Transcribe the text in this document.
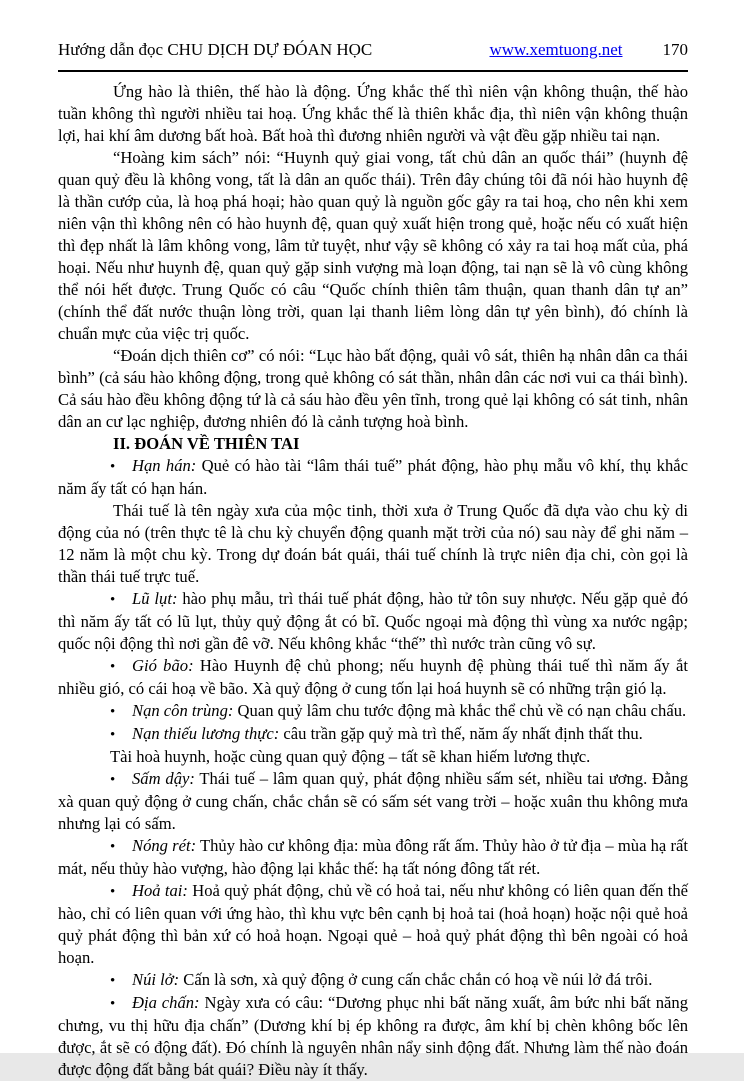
Hướng dẫn đọc CHU DỊCH DỰ ĐÓAN HỌC	www.xemtuong.net 170

Ứng hào là thiên, thế hào là động. Ứng khắc thế thì niên vận không thuận, thế hào tuần không thì người nhiều tai hoạ. Ứng khắc thế là thiên khắc địa, thì niên vận không thuận lợi, hai khí âm dương bất hoà. Bất hoà thì đương nhiên người và vật đều gặp nhiều tai nạn.

“Hoàng kim sách” nói: “Huynh quỷ giai vong, tất chủ dân an quốc thái” (huynh đệ quan quỷ đều là không vong, tất là dân an quốc thái). Trên đây chúng tôi đã nói hào huynh đệ là thần cướp của, là hoạ phá hoại; hào quan quỷ là nguồn gốc gây ra tai hoạ, cho nên khi xem niên vận thì không nên có hào huynh đệ, quan quỷ xuất hiện trong quẻ, hoặc nếu có xuất hiện thì đẹp nhất là lâm không vong, lâm tử tuyệt, như vậy sẽ không có xảy ra tai hoạ mất của, phá hoại. Nếu như huynh đệ, quan quỷ gặp sinh vượng mà loạn động, tai nạn sẽ là vô cùng không thể nói hết được. Trung Quốc có câu “Quốc chính thiên tâm thuận, quan thanh dân tự an” (chính thể đất nước thuận lòng trời, quan lại thanh liêm lòng dân tự yên bình), đó chính là chuẩn mực của việc trị quốc.

“Đoán dịch thiên cơ” có nói: “Lục hào bất động, quải vô sát, thiên hạ nhân dân ca thái bình” (cả sáu hào không động, trong quẻ không có sát thần, nhân dân các nơi vui ca thái bình). Cả sáu hào đều không động tứ là cả sáu hào đều yên tĩnh, trong quẻ lại không có sát tinh, nhân dân an cư lạc nghiệp, đương nhiên đó là cảnh tượng hoà bình.

II. ĐOÁN VỀ THIÊN TAI

• Hạn hán: Quẻ có hào tài “lâm thái tuế” phát động, hào phụ mẫu vô khí, thụ khắc năm ấy tất có hạn hán.

Thái tuế là tên ngày xưa của mộc tinh, thời xưa ở Trung Quốc đã dựa vào chu kỳ di động của nó (trên thực tê là chu kỳ chuyển động quanh mặt trời của nó) sau này để ghi năm – 12 năm là một chu kỳ. Trong dự đoán bát quái, thái tuế chính là trực niên địa chi, còn gọi là thần thái tuế trực tuế.

• Lũ lụt: hào phụ mẫu, trì thái tuế phát động, hào tử tôn suy nhược. Nếu gặp quẻ đó thì năm ấy tất có lũ lụt, thủy quỷ động ắt có bĩ. Quốc ngoại mà động thì vùng xa nước ngập; quốc nội động thì nơi gần đê vỡ. Nếu không khắc “thế” thì nước tràn cũng vô sự.

• Gió bão: Hào Huynh đệ chủ phong; nếu huynh đệ phùng thái tuế thì năm ấy ắt nhiều gió, có cái hoạ về bão. Xà quỷ động ở cung tốn lại hoá huynh sẽ có những trận gió lạ.

• Nạn côn trùng: Quan quỷ lâm chu tước động mà khắc thể chủ về có nạn châu chấu.

• Nạn thiếu lương thực: câu trần gặp quỷ mà trì thế, năm ấy nhất định thất thu.

Tài hoà huynh, hoặc cùng quan quỷ động – tất sẽ khan hiếm lương thực.

• Sấm dậy: Thái tuế – lâm quan quỷ, phát động nhiều sấm sét, nhiều tai ương. Đằng xà quan quỷ động ở cung chấn, chắc chắn sẽ có sấm sét vang trời – hoặc xuân thu không mưa nhưng lại có sấm.

• Nóng rét: Thủy hào cư không địa: mùa đông rất ấm. Thủy hào ở tử địa – mùa hạ rất mát, nếu thủy hào vượng, hào động lại khắc thế: hạ tất nóng đông tất rét.

• Hoả tai: Hoả quỷ phát động, chủ về có hoả tai, nếu như không có liên quan đến thế hào, chỉ có liên quan với ứng hào, thì khu vực bên cạnh bị hoả tai (hoả hoạn) hoặc nội quẻ hoả quỷ phát động thì bản xứ có hoả hoạn. Ngoại quẻ – hoả quỷ phát động thì bên ngoài có hoả hoạn.

• Núi lở: Cấn là sơn, xà quỷ động ở cung cấn chắc chắn có hoạ về núi lở đá trôi.

• Địa chấn: Ngày xưa có câu: “Dương phục nhi bất năng xuất, âm bức nhi bất năng chưng, vu thị hữu địa chấn” (Dương khí bị ép không ra được, âm khí bị chèn không bốc lên được, ắt sẽ có động đất). Đó chính là nguyên nhân nẩy sinh động đất. Nhưng làm thế nào đoán được động đất bằng bát quái? Điều này ít thấy.
